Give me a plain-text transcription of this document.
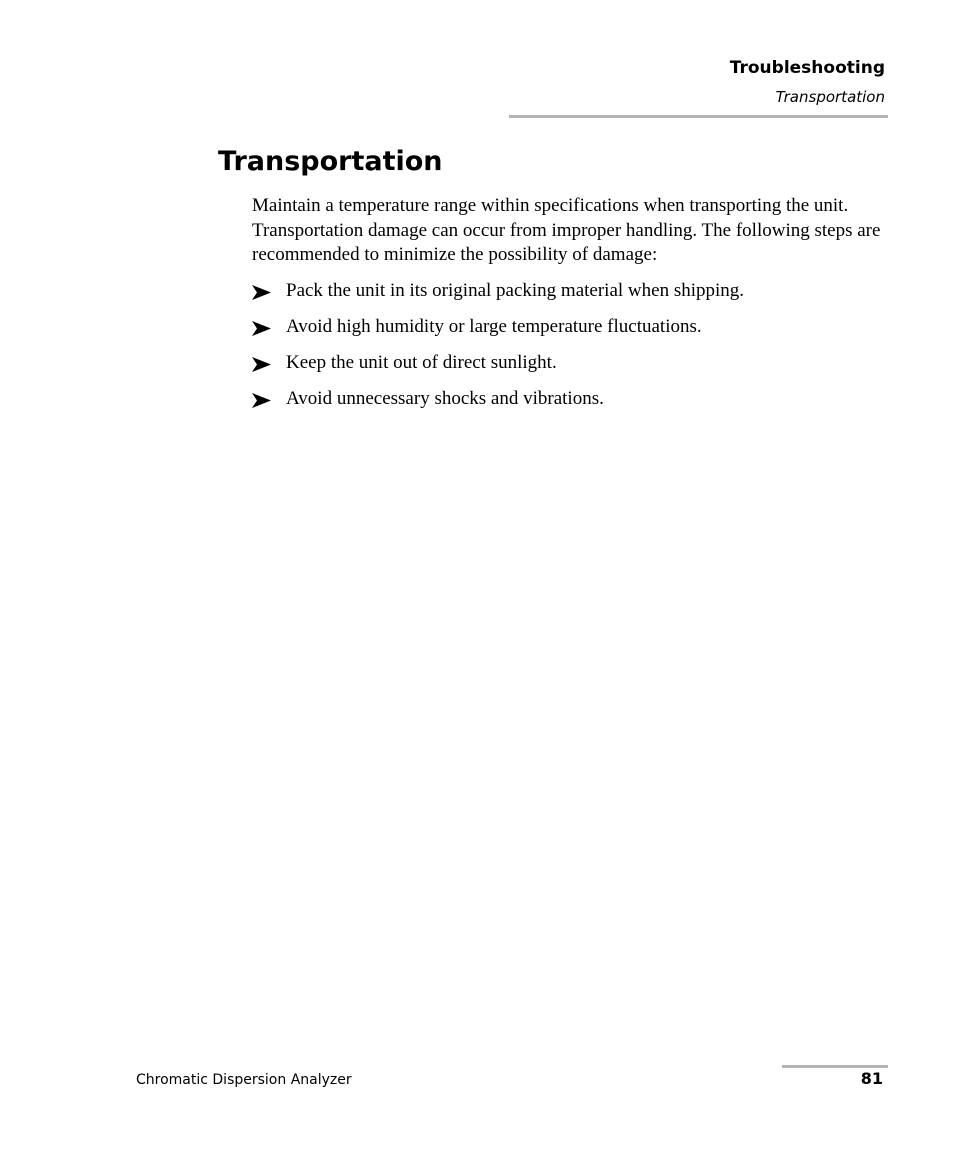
Troubleshooting
Transportation
Transportation

Maintain a temperature range within specifications when transporting the unit. Transportation damage can occur from improper handling. The following steps are recommended to minimize the possibility of damage:

Pack the unit in its original packing material when shipping.
Avoid high humidity or large temperature fluctuations.
Keep the unit out of direct sunlight.
Avoid unnecessary shocks and vibrations.
Chromatic Dispersion Analyzer	81
